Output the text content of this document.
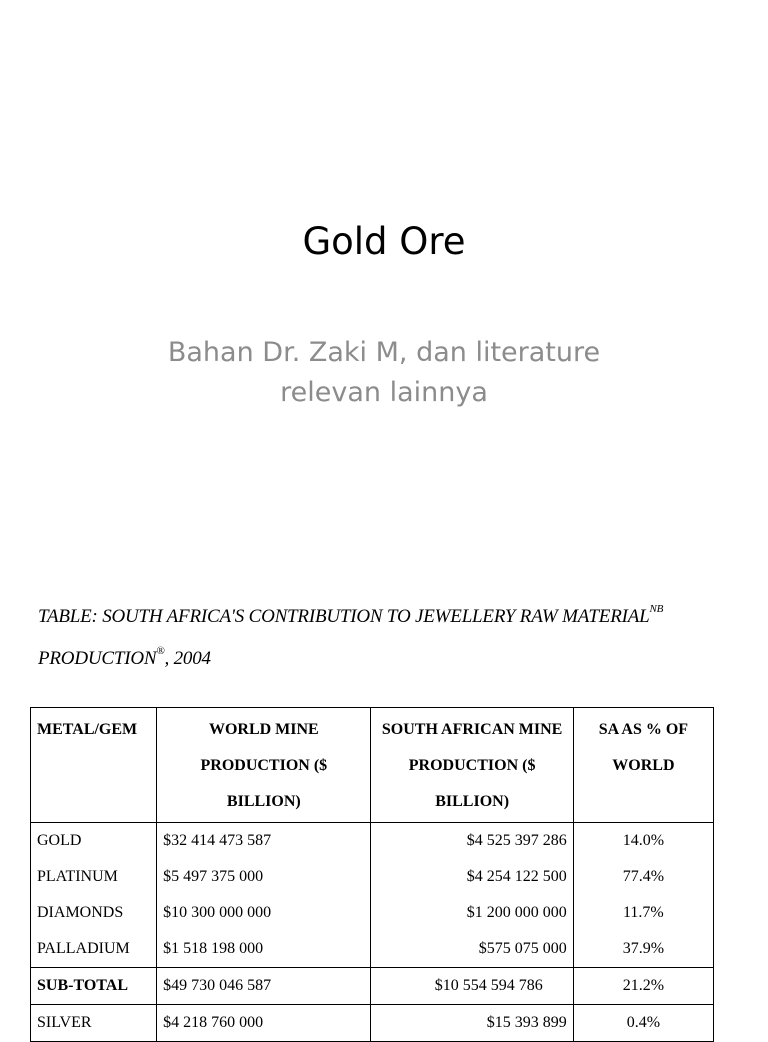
Gold Ore
Bahan Dr. Zaki M, dan literature
relevan lainnya
TABLE: SOUTH AFRICA'S CONTRIBUTION TO JEWELLERY RAW $MATERIAL^{NB}$
PRODUCTION®, 2004
METAL/GEM	WORLD MINE PRODUCTION ($ BILLION)	SOUTH AFRICAN MINE PRODUCTION ($ BILLION)	SA AS % OF WORLD
GOLD	$32 414 473 587	$4 525 397 286	14.0%
PLATINUM	$5 497 375 000	$4 254 122 500	77.4%
DIAMONDS	$10 300 000 000	$1 200 000 000	11.7%
PALLADIUM	$1 518 198 000	$575 075 000	37.9%
SUB-TOTAL	$49 730 046 587	$10 554 594 786	21.2%
SILVER	$4 218 760 000	$15 393 899	0.4%
